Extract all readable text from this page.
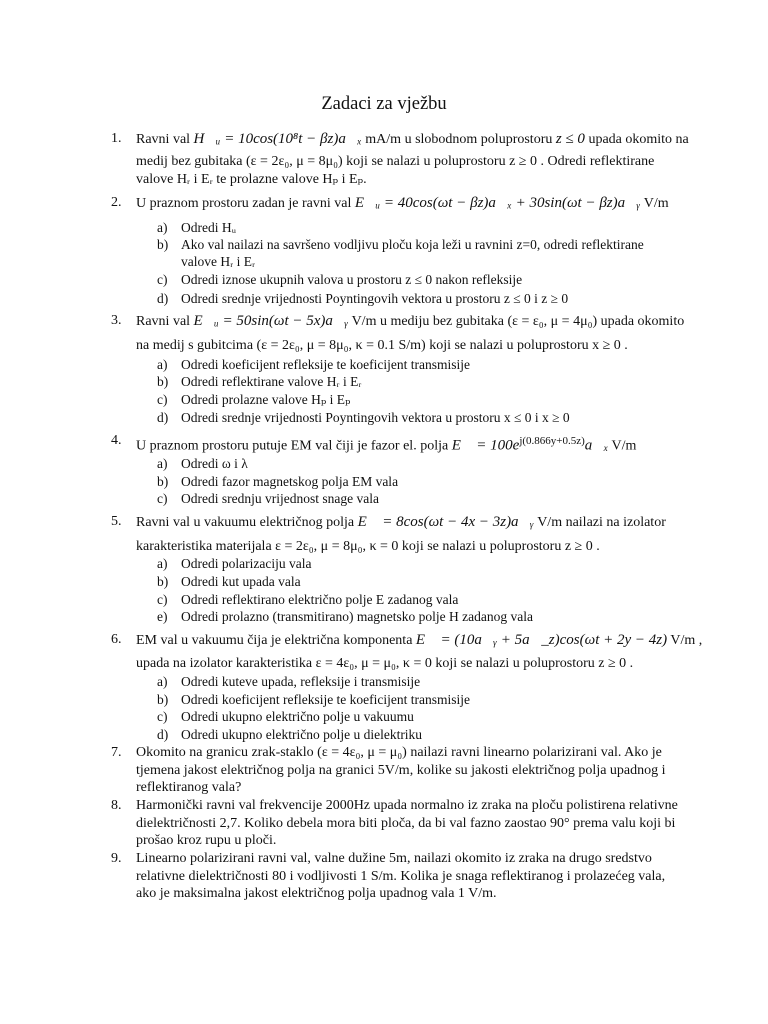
Zadaci za vježbu
1. Ravni val H⃗ᵤ = 10cos(10⁸t − βz)a⃗ₓ mA/m u slobodnom poluprostoru z ≤ 0 upada okomito na
medij bez gubitaka (ε = 2ε₀, μ = 8μ₀) koji se nalazi u poluprostoru z ≥ 0 . Odredi reflektirane
valove Hᵣ i Eᵣ te prolazne valove Hₚ i Eₚ.
2. U praznom prostoru zadan je ravni val E⃗ᵤ = 40cos(ωt − βz)a⃗ₓ + 30sin(ωt − βz)a⃗ᵧ V/m
a) Odredi Hᵤ
b) Ako val nailazi na savršeno vodljivu ploču koja leži u ravnini z=0, odredi reflektirane
valove Hᵣ i Eᵣ
c) Odredi iznose ukupnih valova u prostoru z ≤ 0 nakon refleksije
d) Odredi srednje vrijednosti Poyntingovih vektora u prostoru z ≤ 0 i z ≥ 0
3. Ravni val E⃗ᵤ = 50sin(ωt − 5x)a⃗ᵧ V/m u mediju bez gubitaka (ε = ε₀, μ = 4μ₀) upada okomito
na medij s gubitcima (ε = 2ε₀, μ = 8μ₀, κ = 0.1 S/m) koji se nalazi u poluprostoru x ≥ 0 .
a) Odredi koeficijent refleksije te koeficijent transmisije
b) Odredi reflektirane valove Hᵣ i Eᵣ
c) Odredi prolazne valove Hₚ i Eₚ
d) Odredi srednje vrijednosti Poyntingovih vektora u prostoru x ≤ 0 i x ≥ 0
4. U praznom prostoru putuje EM val čiji je fazor el. polja E⃗ = $100e^{j(0.866y+0.5z)}a⃗_x$ V/m
a) Odredi ω i λ
b) Odredi fazor magnetskog polja EM vala
c) Odredi srednju vrijednost snage vala
5. Ravni val u vakuumu električnog polja E⃗ = 8cos(ωt − 4x − 3z)a⃗ᵧ V/m nailazi na izolator
karakteristika materijala ε = 2ε₀, μ = 8μ₀, κ = 0 koji se nalazi u poluprostoru z ≥ 0 .
a) Odredi polarizaciju vala
b) Odredi kut upada vala
c) Odredi reflektirano električno polje E zadanog vala
e) Odredi prolazno (transmitirano) magnetsko polje H zadanog vala
6. EM val u vakuumu čija je električna komponenta E⃗ = (10a⃗ᵧ + 5a⃗_z)cos(ωt + 2y − 4z) V/m ,
upada na izolator karakteristika ε = 4ε₀, μ = μ₀, κ = 0 koji se nalazi u poluprostoru z ≥ 0 .
a) Odredi kuteve upada, refleksije i transmisije
b) Odredi koeficijent refleksije te koeficijent transmisije
c) Odredi ukupno električno polje u vakuumu
d) Odredi ukupno električno polje u dielektriku
7. Okomito na granicu zrak-staklo (ε = 4ε₀, μ = μ₀) nailazi ravni linearno polarizirani val. Ako je
tjemena jakost električnog polja na granici 5V/m, kolike su jakosti električnog polja upadnog i
reflektiranog vala?
8. Harmonički ravni val frekvencije 2000Hz upada normalno iz zraka na ploču polistirena relativne
dielektričnosti 2,7. Koliko debela mora biti ploča, da bi val fazno zaostao 90° prema valu koji bi
prošao kroz rupu u ploči.
9. Linearno polarizirani ravni val, valne dužine 5m, nailazi okomito iz zraka na drugo sredstvo
relativne dielektričnosti 80 i vodljivosti 1 S/m. Kolika je snaga reflektiranog i prolazećeg vala,
ako je maksimalna jakost električnog polja upadnog vala 1 V/m.
